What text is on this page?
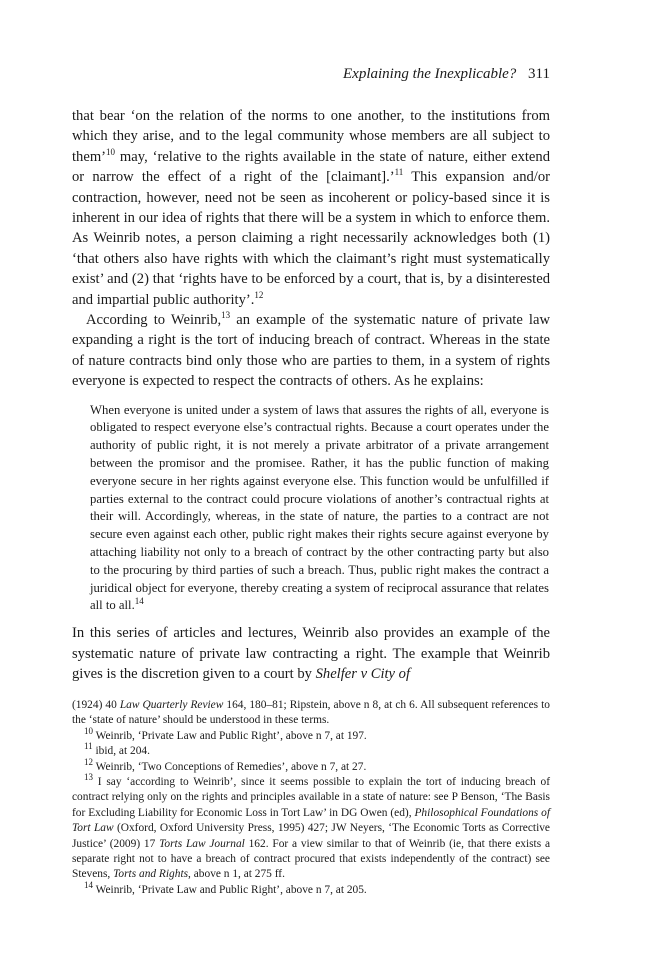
Explaining the Inexplicable? 311

that bear ‘on the relation of the norms to one another, to the institutions from which they arise, and to the legal community whose members are all subject to them’$^{10}$ may, ‘relative to the rights available in the state of nature, either extend or narrow the effect of a right of the [claimant].’$^{11}$ This expansion and/or contraction, however, need not be seen as incoherent or policy-based since it is inherent in our idea of rights that there will be a system in which to enforce them. As Weinrib notes, a person claiming a right necessarily acknowledges both (1) ‘that others also have rights with which the claimant’s right must systematically exist’ and (2) that ‘rights have to be enforced by a court, that is, by a disinterested and impartial public authority’.$^{12}$

According to Weinrib,$^{13}$ an example of the systematic nature of private law expanding a right is the tort of inducing breach of contract. Whereas in the state of nature contracts bind only those who are parties to them, in a system of rights everyone is expected to respect the contracts of others. As he explains:

When everyone is united under a system of laws that assures the rights of all, everyone is obligated to respect everyone else’s contractual rights. Because a court operates under the authority of public right, it is not merely a private arbitrator of a private arrangement between the promisor and the promisee. Rather, it has the public function of making everyone secure in her rights against everyone else. This function would be unfulfilled if parties external to the contract could procure violations of another’s contractual rights at their will. Accordingly, whereas, in the state of nature, the parties to a contract are not secure even against each other, public right makes their rights secure against everyone by attaching liability not only to a breach of contract by the other contracting party but also to the procuring by third parties of such a breach. Thus, public right makes the contract a juridical object for everyone, thereby creating a system of reciprocal assurance that relates all to all.$^{14}$

In this series of articles and lectures, Weinrib also provides an example of the systematic nature of private law contracting a right. The example that Weinrib gives is the discretion given to a court by Shelfer v City of

(1924) 40 Law Quarterly Review 164, 180–81; Ripstein, above n 8, at ch 6. All subsequent references to the ‘state of nature’ should be understood in these terms.

$^{10}$ Weinrib, ‘Private Law and Public Right’, above n 7, at 197.

$^{11}$ ibid, at 204.

$^{12}$ Weinrib, ‘Two Conceptions of Remedies’, above n 7, at 27.

$^{13}$ I say ‘according to Weinrib’, since it seems possible to explain the tort of inducing breach of contract relying only on the rights and principles available in a state of nature: see P Benson, ‘The Basis for Excluding Liability for Economic Loss in Tort Law’ in DG Owen (ed), Philosophical Foundations of Tort Law (Oxford, Oxford University Press, 1995) 427; JW Neyers, ‘The Economic Torts as Corrective Justice’ (2009) 17 Torts Law Journal 162. For a view similar to that of Weinrib (ie, that there exists a separate right not to have a breach of contract procured that exists independently of the contract) see Stevens, Torts and Rights, above n 1, at 275 ff.

$^{14}$ Weinrib, ‘Private Law and Public Right’, above n 7, at 205.
